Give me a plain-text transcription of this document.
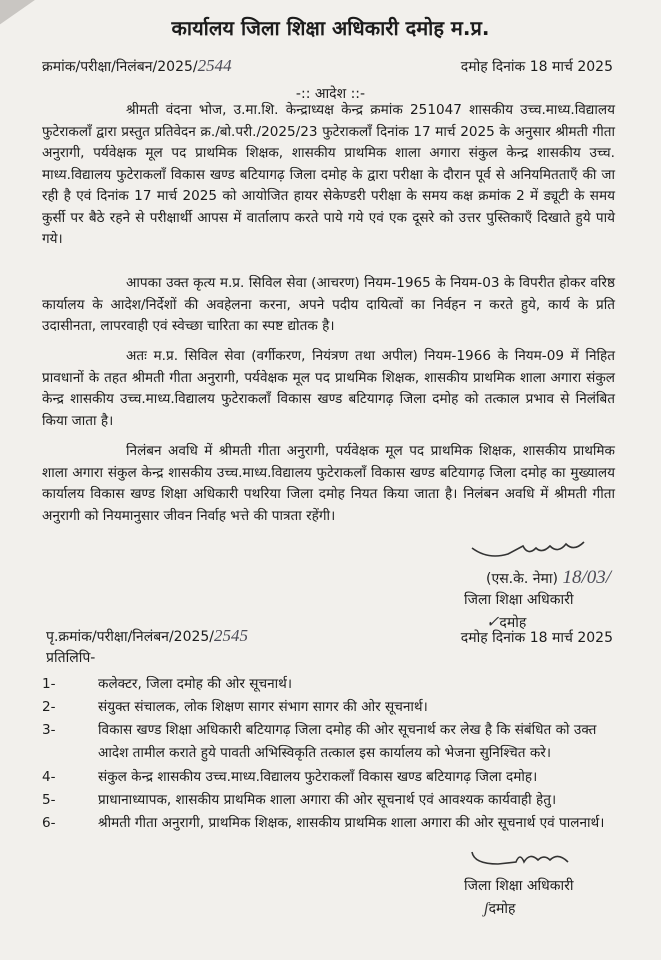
कार्यालय जिला शिक्षा अधिकारी दमोह म.प्र.
क्रमांक/परीक्षा/निलंबन/2025/2544	दमोह दिनांक 18 मार्च 2025
-:: आदेश ::-
श्रीमती वंदना भोज, उ.मा.शि. केन्द्राध्यक्ष केन्द्र क्रमांक 251047 शासकीय उच्च.माध्य.विद्यालय फुटेराकलाँ द्वारा प्रस्तुत प्रतिवेदन क्र./बो.परी./2025/23 फुटेराकलाँ दिनांक 17 मार्च 2025 के अनुसार श्रीमती गीता अनुरागी, पर्यवेक्षक मूल पद प्राथमिक शिक्षक, शासकीय प्राथमिक शाला अगारा संकुल केन्द्र शासकीय उच्च. माध्य.विद्यालय फुटेराकलाँ विकास खण्ड बटियागढ़ जिला दमोह के द्वारा परीक्षा के दौरान पूर्व से अनियमितताएँ की जा रही है एवं दिनांक 17 मार्च 2025 को आयोजित हायर सेकेण्डरी परीक्षा के समय कक्ष क्रमांक 2 में ड्यूटी के समय कुर्सी पर बैठे रहने से परीक्षार्थी आपस में वार्तालाप करते पाये गये एवं एक दूसरे को उत्तर पुस्तिकाएँ दिखाते हुये पाये गये।
आपका उक्त कृत्य म.प्र. सिविल सेवा (आचरण) नियम-1965 के नियम-03 के विपरीत होकर वरिष्ठ कार्यालय के आदेश/निर्देशों की अवहेलना करना, अपने पदीय दायित्वों का निर्वहन न करते हुये, कार्य के प्रति उदासीनता, लापरवाही एवं स्वेच्छा चारिता का स्पष्ट द्योतक है।
अतः म.प्र. सिविल सेवा (वर्गीकरण, नियंत्रण तथा अपील) नियम-1966 के नियम-09 में निहित प्रावधानों के तहत श्रीमती गीता अनुरागी, पर्यवेक्षक मूल पद प्राथमिक शिक्षक, शासकीय प्राथमिक शाला अगारा संकुल केन्द्र शासकीय उच्च.माध्य.विद्यालय फुटेराकलाँ विकास खण्ड बटियागढ़ जिला दमोह को तत्काल प्रभाव से निलंबित किया जाता है।
निलंबन अवधि में श्रीमती गीता अनुरागी, पर्यवेक्षक मूल पद प्राथमिक शिक्षक, शासकीय प्राथमिक शाला अगारा संकुल केन्द्र शासकीय उच्च.माध्य.विद्यालय फुटेराकलाँ विकास खण्ड बटियागढ़ जिला दमोह का मुख्यालय कार्यालय विकास खण्ड शिक्षा अधिकारी पथरिया जिला दमोह नियत किया जाता है। निलंबन अवधि में श्रीमती गीता अनुरागी को नियमानुसार जीवन निर्वाह भत्ते की पात्रता रहेंगी।
(एस.के. नेमा) 18/03/
जिला शिक्षा अधिकारी
✓दमोह
पृ.क्रमांक/परीक्षा/निलंबन/2025/2545	दमोह दिनांक 18 मार्च 2025
प्रतिलिपि-
1-	कलेक्टर, जिला दमोह की ओर सूचनार्थ।
2-	संयुक्त संचालक, लोक शिक्षण सागर संभाग सागर की ओर सूचनार्थ।
3-	विकास खण्ड शिक्षा अधिकारी बटियागढ़ जिला दमोह की ओर सूचनार्थ कर लेख है कि संबंधित को उक्त आदेश तामील कराते हुये पावती अभिस्विकृति तत्काल इस कार्यालय को भेजना सुनिश्चित करे।
4-	संकुल केन्द्र शासकीय उच्च.माध्य.विद्यालय फुटेराकलाँ विकास खण्ड बटियागढ़ जिला दमोह।
5-	प्राधानाध्यापक, शासकीय प्राथमिक शाला अगारा की ओर सूचनार्थ एवं आवश्यक कार्यवाही हेतु।
6-	श्रीमती गीता अनुरागी, प्राथमिक शिक्षक, शासकीय प्राथमिक शाला अगारा की ओर सूचनार्थ एवं पालनार्थ।
जिला शिक्षा अधिकारी
ʃदमोह
